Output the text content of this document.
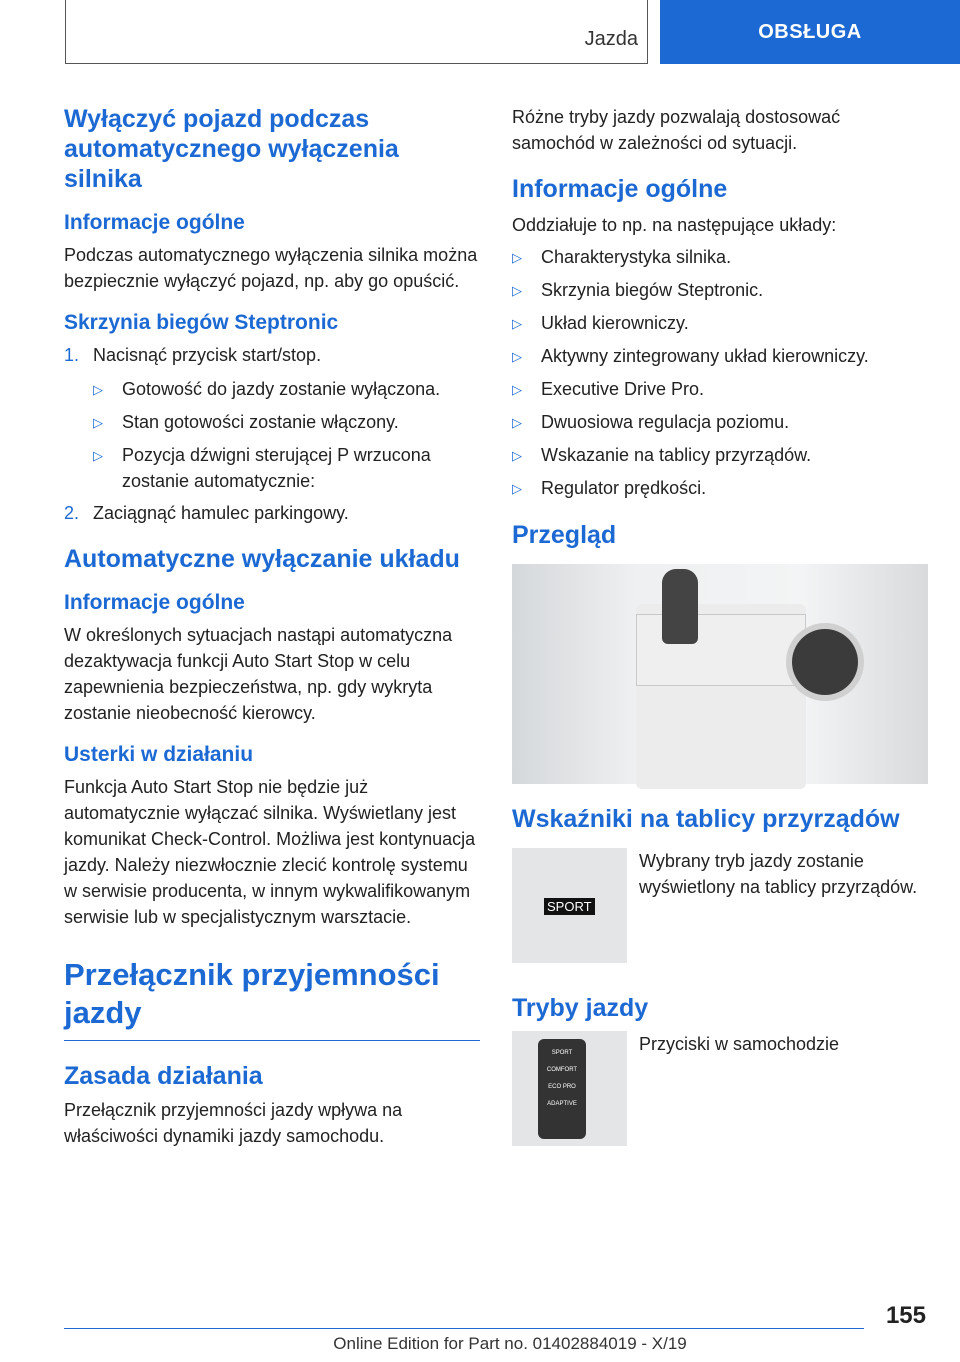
Jazda	OBSŁUGA
Wyłączyć pojazd podczas automatycznego wyłączenia silnika
Informacje ogólne

Podczas automatycznego wyłączenia silnika można bezpiecznie wyłączyć pojazd, np. aby go opuścić.

Skrzynia biegów Steptronic
1. Nacisnąć przycisk start/stop.
▷	Gotowość do jazdy zostanie wyłączona.
▷	Stan gotowości zostanie włączony.
▷	Pozycja dźwigni sterującej P wrzucona zostanie automatycznie:
2. Zaciągnąć hamulec parkingowy.
Automatyczne wyłączanie układu
Informacje ogólne

W określonych sytuacjach nastąpi automatyczna dezaktywacja funkcji Auto Start Stop w celu zapewnienia bezpieczeństwa, np. gdy wykryta zostanie nieobecność kierowcy.

Usterki w działaniu

Funkcja Auto Start Stop nie będzie już automatycznie wyłączać silnika. Wyświetlany jest komunikat Check-Control. Możliwa jest kontynuacja jazdy. Należy niezwłocznie zlecić kontrolę systemu w serwisie producenta, w innym wykwalifikowanym serwisie lub w specjalistycznym warsztacie.

Przełącznik przyjemności jazdy
Zasada działania

Przełącznik przyjemności jazdy wpływa na właściwości dynamiki jazdy samochodu.

Różne tryby jazdy pozwalają dostosować samochód w zależności od sytuacji.

Informacje ogólne

Oddziałuje to np. na następujące układy:

▷	Charakterystyka silnika.
▷	Skrzynia biegów Steptronic.
▷	Układ kierowniczy.
▷	Aktywny zintegrowany układ kierowniczy.
▷	Executive Drive Pro.
▷	Dwuosiowa regulacja poziomu.
▷	Wskazanie na tablicy przyrządów.
▷	Regulator prędkości.
Przegląd
Wskaźniki na tablicy przyrządów
SPORT

Wybrany tryb jazdy zostanie wyświetlony na tablicy przyrządów.

Tryby jazdy
SPORT
COMFORT
ECO PRO
ADAPTIVE

Przyciski w samochodzie

155
Online Edition for Part no. 01402884019 - X/19
